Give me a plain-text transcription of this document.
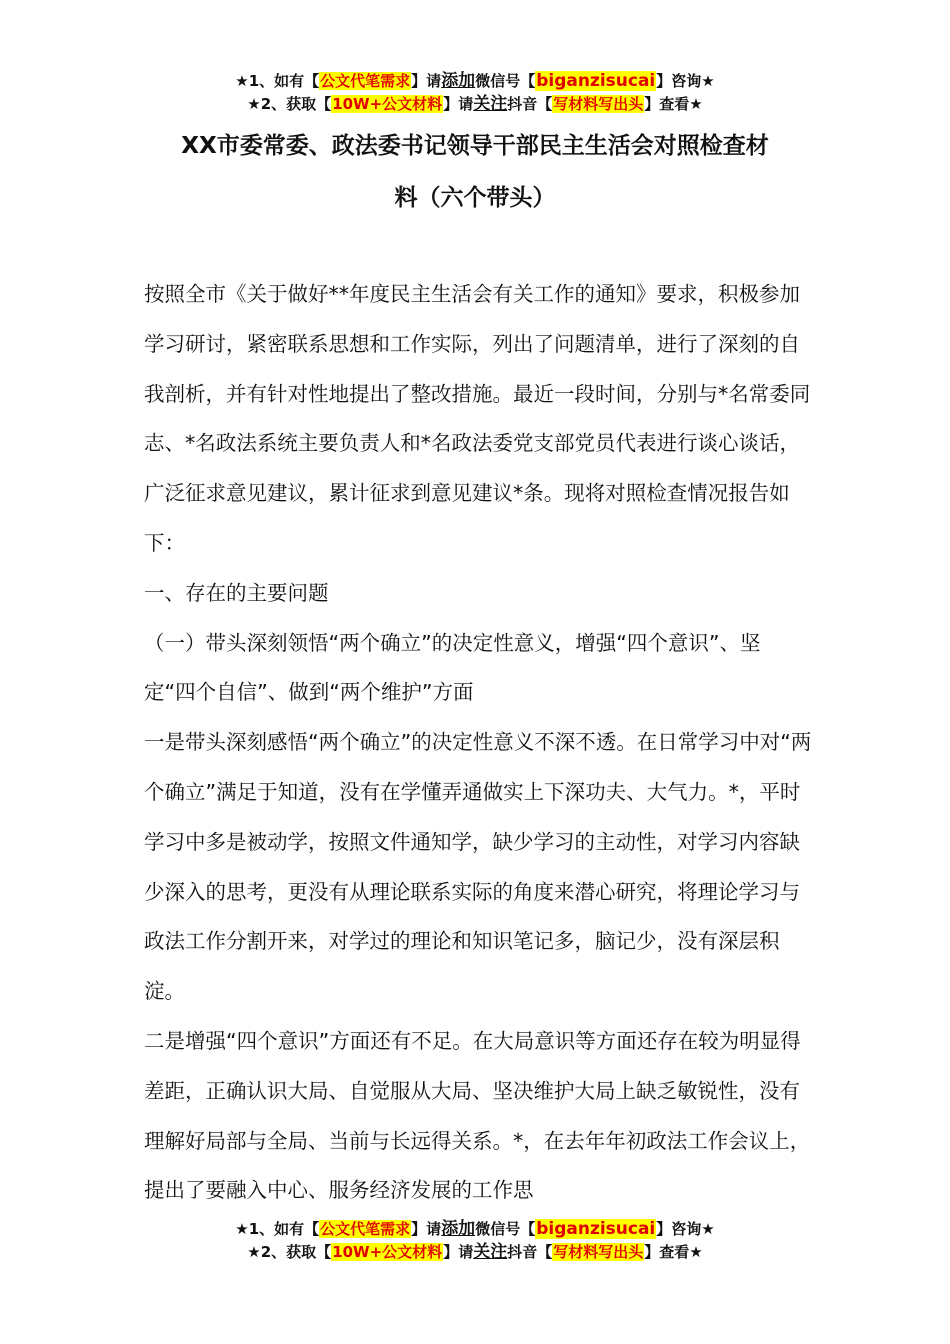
★1、如有【公文代笔需求】请添加微信号【biganzisucai】咨询★
★2、获取【10W+公文材料】请关注抖音【写材料写出头】查看★
XX市委常委、政法委书记领导干部民主生活会对照检查材
料（六个带头）

按照全市《关于做好**年度民主生活会有关工作的通知》要求，积极参加学习研讨，紧密联系思想和工作实际，列出了问题清单，进行了深刻的自我剖析，并有针对性地提出了整改措施。最近一段时间，分别与*名常委同志、*名政法系统主要负责人和*名政法委党支部党员代表进行谈心谈话，广泛征求意见建议，累计征求到意见建议*条。现将对照检查情况报告如下：

一、存在的主要问题

（一）带头深刻领悟“两个确立”的决定性意义，增强“四个意识”、坚定“四个自信”、做到“两个维护”方面

一是带头深刻感悟“两个确立”的决定性意义不深不透。在日常学习中对“两个确立”满足于知道，没有在学懂弄通做实上下深功夫、大气力。*，平时学习中多是被动学，按照文件通知学，缺少学习的主动性，对学习内容缺少深入的思考，更没有从理论联系实际的角度来潜心研究，将理论学习与政法工作分割开来，对学过的理论和知识笔记多，脑记少，没有深层积淀。

二是增强“四个意识”方面还有不足。在大局意识等方面还存在较为明显得差距，正确认识大局、自觉服从大局、坚决维护大局上缺乏敏锐性，没有理解好局部与全局、当前与长远得关系。*，在去年年初政法工作会议上，提出了要融入中心、服务经济发展的工作思

★1、如有【公文代笔需求】请添加微信号【biganzisucai】咨询★
★2、获取【10W+公文材料】请关注抖音【写材料写出头】查看★
